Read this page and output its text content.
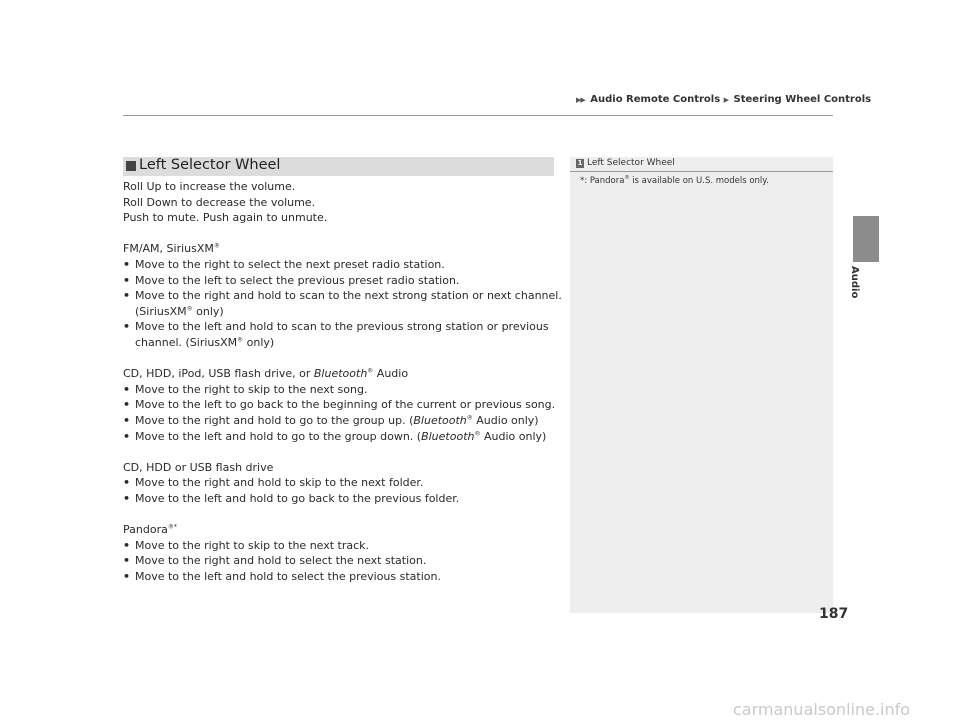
▶▶ Audio Remote Controls ▶ Steering Wheel Controls
Audio
Left Selector Wheel

Roll Up to increase the volume.

Roll Down to decrease the volume.

Push to mute. Push again to unmute.

FM/AM, SiriusXM®

• Move to the right to select the next preset radio station.

• Move to the left to select the previous preset radio station.

• Move to the right and hold to scan to the next strong station or next channel.

(SiriusXM® only)

• Move to the left and hold to scan to the previous strong station or previous

channel. (SiriusXM® only)

CD, HDD, iPod, USB flash drive, or Bluetooth® Audio

• Move to the right to skip to the next song.

• Move to the left to go back to the beginning of the current or previous song.

• Move to the right and hold to go to the group up. (Bluetooth® Audio only)

• Move to the left and hold to go to the group down. (Bluetooth® Audio only)

CD, HDD or USB flash drive

• Move to the right and hold to skip to the next folder.

• Move to the left and hold to go back to the previous folder.

Pandora®*

• Move to the right to skip to the next track.

• Move to the right and hold to select the next station.

• Move to the left and hold to select the previous station.

1 Left Selector Wheel
*: Pandora® is available on U.S. models only.
187
carmanualsonline.info
